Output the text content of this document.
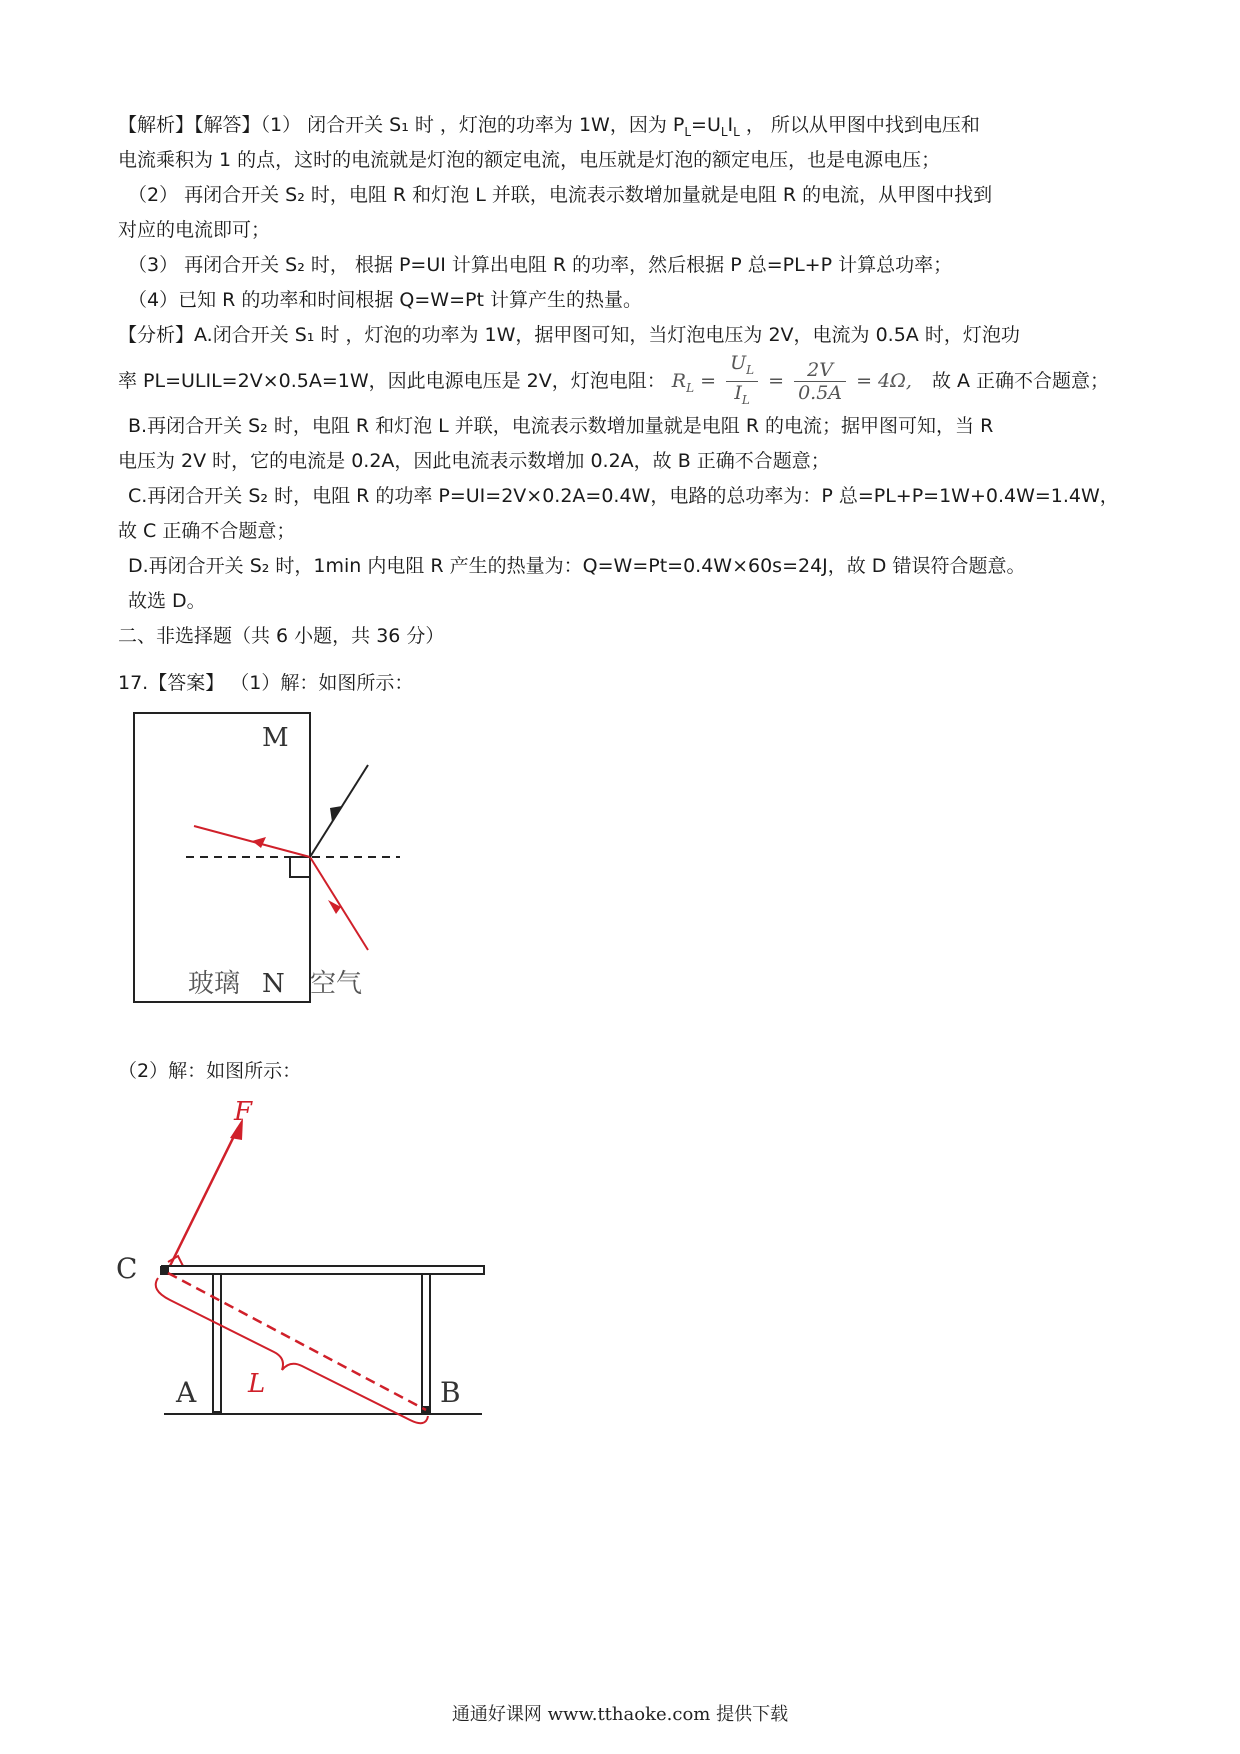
【解析】【解答】（1） 闭合开关 S₁ 时 ，灯泡的功率为 1W，因为 $P_L=U_LI_L$ ， 所以从甲图中找到电压和
电流乘积为 1 的点，这时的电流就是灯泡的额定电流，电压就是灯泡的额定电压，也是电源电压；
（2） 再闭合开关 S₂ 时，电阻 R 和灯泡 L 并联，电流表示数增加量就是电阻 R 的电流，从甲图中找到
对应的电流即可；
（3） 再闭合开关 S₂ 时， 根据 P=UI 计算出电阻 R 的功率，然后根据 P 总=PL+P 计算总功率；
（4）已知 R 的功率和时间根据 Q=W=Pt 计算产生的热量。
【分析】A.闭合开关 S₁ 时 ，灯泡的功率为 1W，据甲图可知，当灯泡电压为 2V，电流为 0.5A 时，灯泡功
率 PL=ULIL=2V×0.5A=1W，因此电源电压是 2V，灯泡电阻： $R_L = \frac{U_L}{I_L} = \frac{2V}{0.5A} = 4\Omega$, 故 A 正确不合题意；
B.再闭合开关 S₂ 时，电阻 R 和灯泡 L 并联，电流表示数增加量就是电阻 R 的电流；据甲图可知，当 R
电压为 2V 时，它的电流是 0.2A，因此电流表示数增加 0.2A，故 B 正确不合题意；
C.再闭合开关 S₂ 时，电阻 R 的功率 P=UI=2V×0.2A=0.4W，电路的总功率为：P 总=PL+P=1W+0.4W=1.4W，
故 C 正确不合题意；
D.再闭合开关 S₂ 时，1min 内电阻 R 产生的热量为：Q=W=Pt=0.4W×60s=24J，故 D 错误符合题意。
故选 D。
二、非选择题（共 6 小题，共 36 分）
17.【答案】 （1）解：如图所示：
M
玻璃 N 空气
（2）解：如图所示：
F
L
C
A	B
通通好课网 www.tthaoke.com 提供下载
